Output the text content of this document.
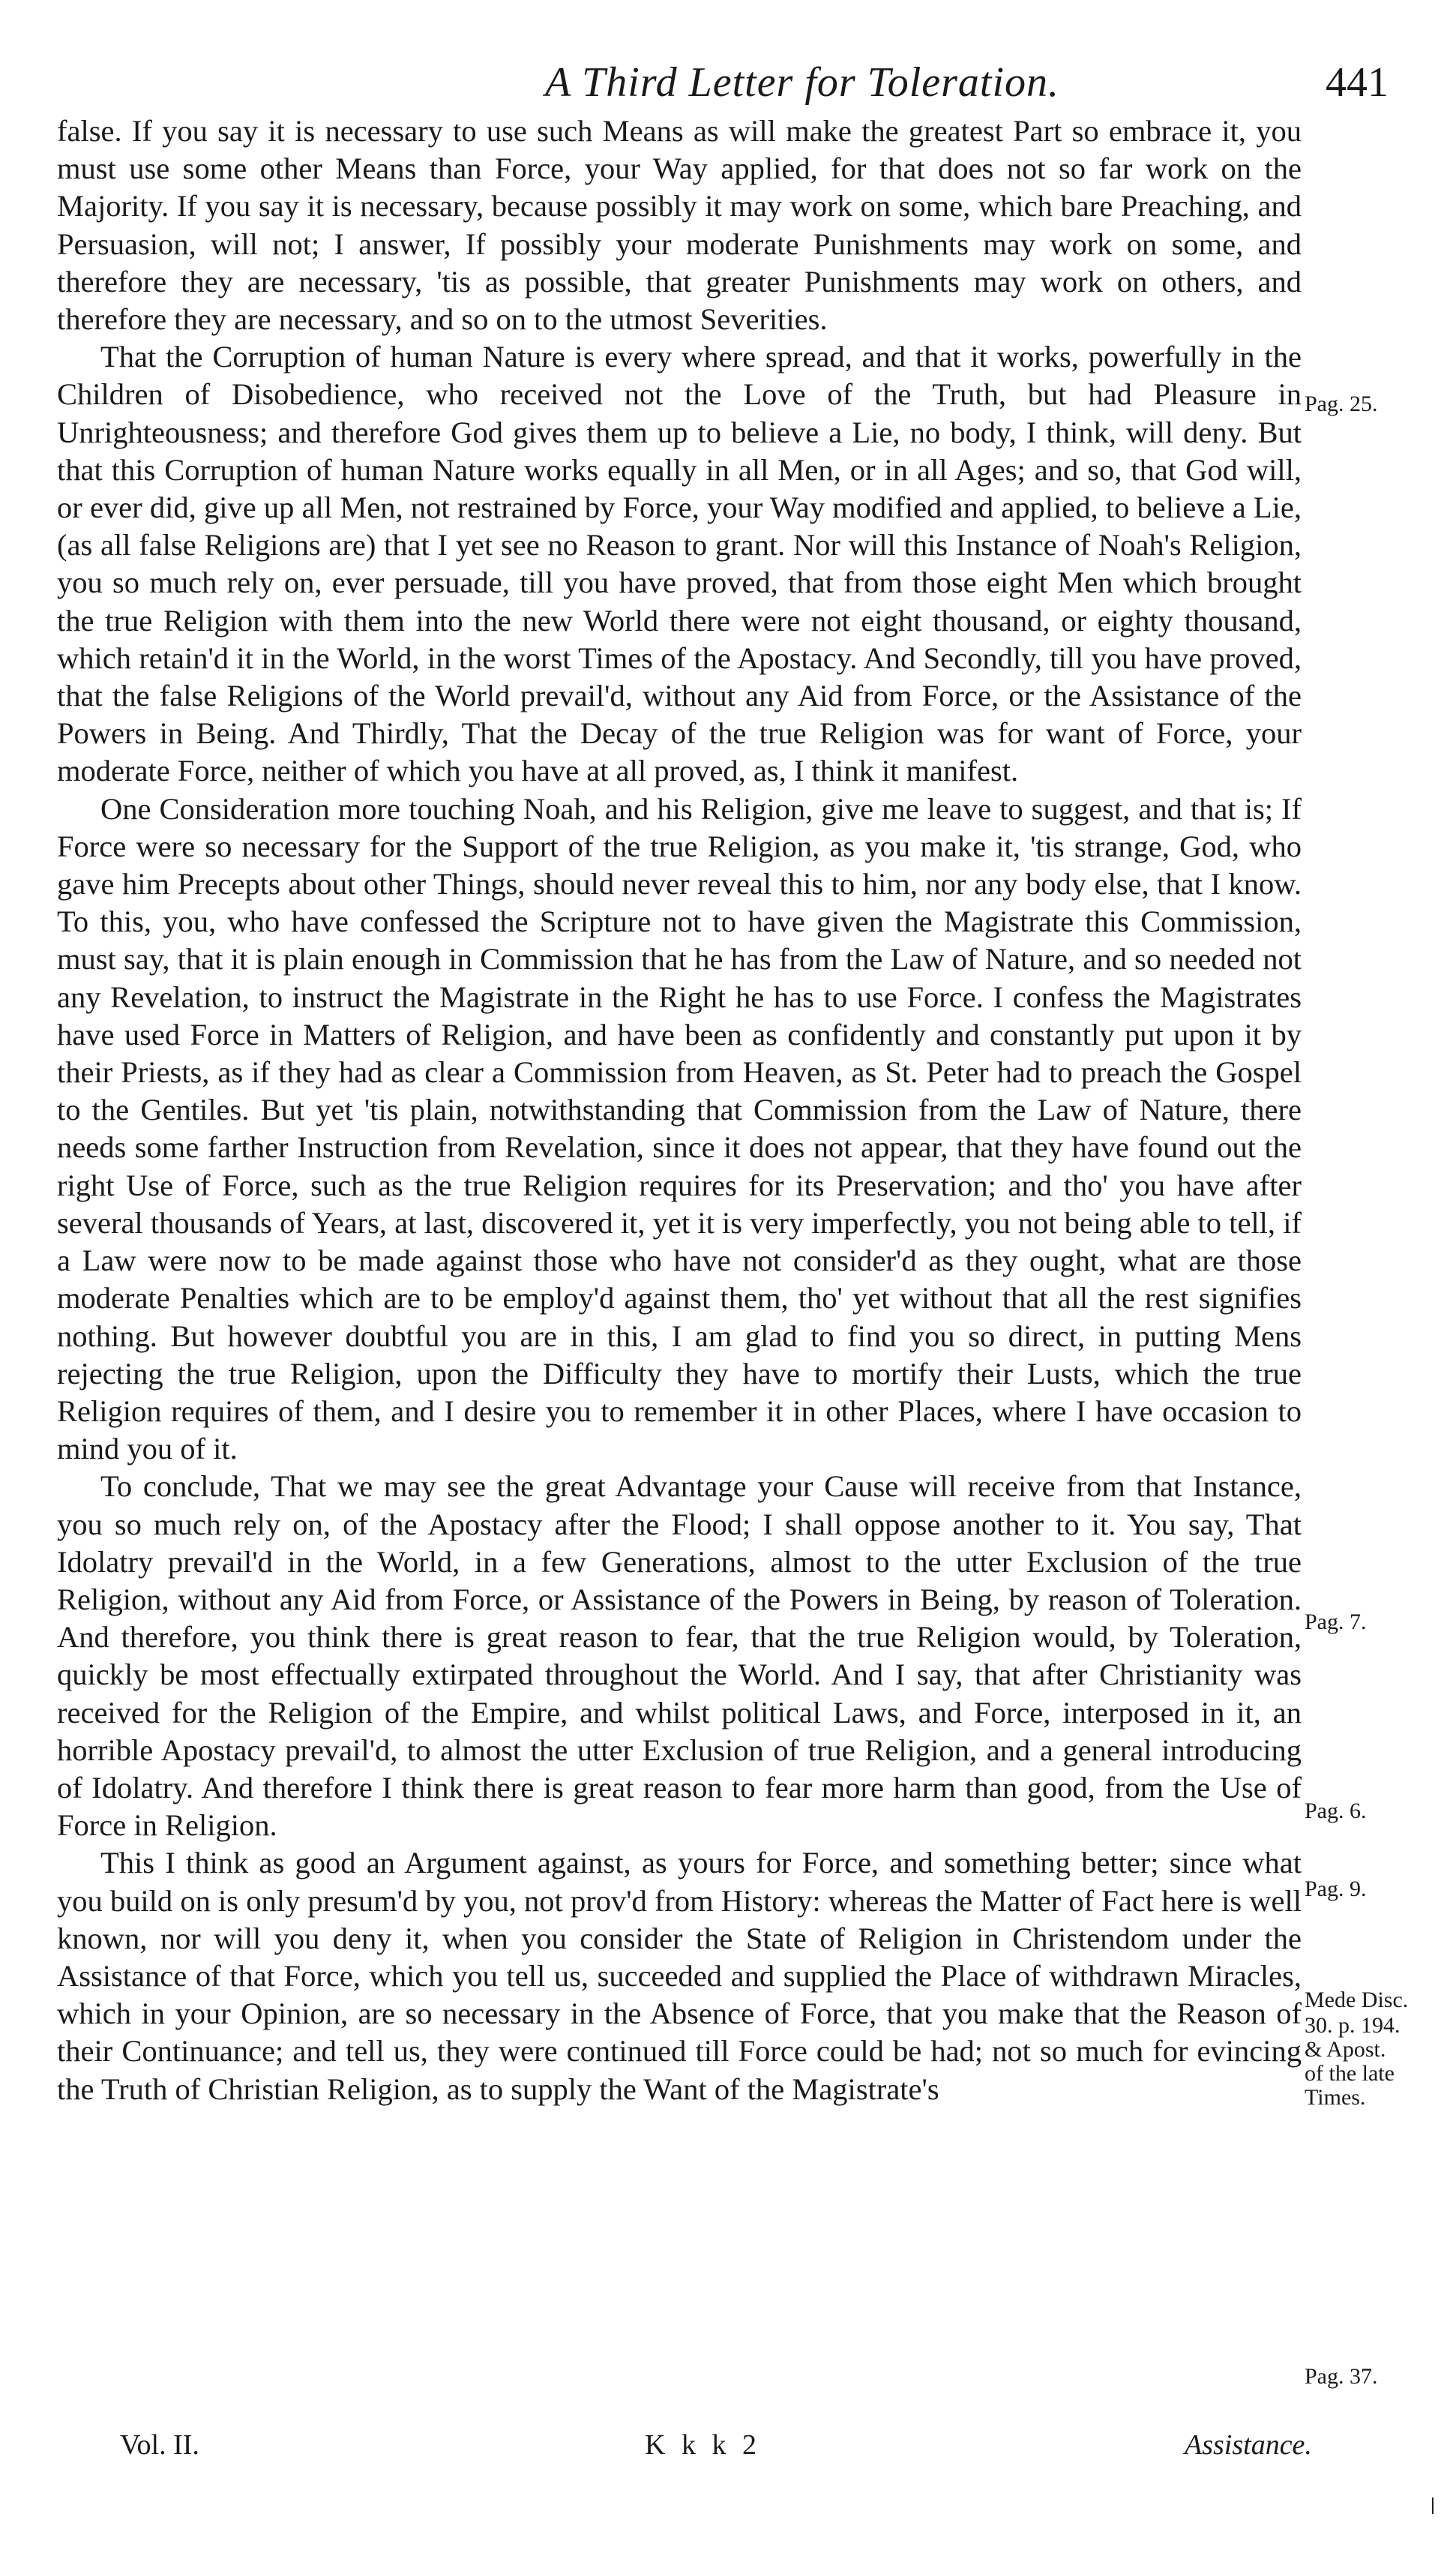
A Third Letter for Toleration.	441

false. If you say it is necessary to use such Means as will make the greatest Part so embrace it, you must use some other Means than Force, your Way applied, for that does not so far work on the Majority. If you say it is necessary, because possibly it may work on some, which bare Preaching, and Persuasion, will not; I answer, If possibly your moderate Punishments may work on some, and therefore they are necessary, 'tis as possible, that greater Punishments may work on others, and therefore they are necessary, and so on to the utmost Severities.

That the Corruption of human Nature is every where spread, and that it works, powerfully in the Children of Disobedience, who received not the Love of the Truth, but had Pleasure in Unrighteousness; and therefore God gives them up to believe a Lie, no body, I think, will deny. But that this Corruption of human Nature works equally in all Men, or in all Ages; and so, that God will, or ever did, give up all Men, not restrained by Force, your Way modified and applied, to believe a Lie, (as all false Religions are) that I yet see no Reason to grant. Nor will this Instance of Noah's Religion, you so much rely on, ever persuade, till you have proved, that from those eight Men which brought the true Religion with them into the new World there were not eight thousand, or eighty thousand, which retain'd it in the World, in the worst Times of the Apostacy. And Secondly, till you have proved, that the false Religions of the World prevail'd, without any Aid from Force, or the Assistance of the Powers in Being. And Thirdly, That the Decay of the true Religion was for want of Force, your moderate Force, neither of which you have at all proved, as, I think it manifest.

One Consideration more touching Noah, and his Religion, give me leave to suggest, and that is; If Force were so necessary for the Support of the true Religion, as you make it, 'tis strange, God, who gave him Precepts about other Things, should never reveal this to him, nor any body else, that I know. To this, you, who have confessed the Scripture not to have given the Magistrate this Commission, must say, that it is plain enough in Commission that he has from the Law of Nature, and so needed not any Revelation, to instruct the Magistrate in the Right he has to use Force. I confess the Magistrates have used Force in Matters of Religion, and have been as confidently and constantly put upon it by their Priests, as if they had as clear a Commission from Heaven, as St. Peter had to preach the Gospel to the Gentiles. But yet 'tis plain, notwithstanding that Commission from the Law of Nature, there needs some farther Instruction from Revelation, since it does not appear, that they have found out the right Use of Force, such as the true Religion requires for its Preservation; and tho' you have after several thousands of Years, at last, discovered it, yet it is very imperfectly, you not being able to tell, if a Law were now to be made against those who have not consider'd as they ought, what are those moderate Penalties which are to be employ'd against them, tho' yet without that all the rest signifies nothing. But however doubtful you are in this, I am glad to find you so direct, in putting Mens rejecting the true Religion, upon the Difficulty they have to mortify their Lusts, which the true Religion requires of them, and I desire you to remember it in other Places, where I have occasion to mind you of it.

To conclude, That we may see the great Advantage your Cause will receive from that Instance, you so much rely on, of the Apostacy after the Flood; I shall oppose another to it. You say, That Idolatry prevail'd in the World, in a few Generations, almost to the utter Exclusion of the true Religion, without any Aid from Force, or Assistance of the Powers in Being, by reason of Toleration. And therefore, you think there is great reason to fear, that the true Religion would, by Toleration, quickly be most effectually extirpated throughout the World. And I say, that after Christianity was received for the Religion of the Empire, and whilst political Laws, and Force, interposed in it, an horrible Apostacy prevail'd, to almost the utter Exclusion of true Religion, and a general introducing of Idolatry. And therefore I think there is great reason to fear more harm than good, from the Use of Force in Religion.

This I think as good an Argument against, as yours for Force, and something better; since what you build on is only presum'd by you, not prov'd from History: whereas the Matter of Fact here is well known, nor will you deny it, when you consider the State of Religion in Christendom under the Assistance of that Force, which you tell us, succeeded and supplied the Place of withdrawn Miracles, which in your Opinion, are so necessary in the Absence of Force, that you make that the Reason of their Continuance; and tell us, they were continued till Force could be had; not so much for evincing the Truth of Christian Religion, as to supply the Want of the Magistrate's

Pag. 25.
Pag. 7.
Pag. 6.
Pag. 9.
Mede Disc.
30. p. 194.
& Apost.
of the late
Times.
Pag. 37.
Vol. II.	K k k 2	Assistance.
